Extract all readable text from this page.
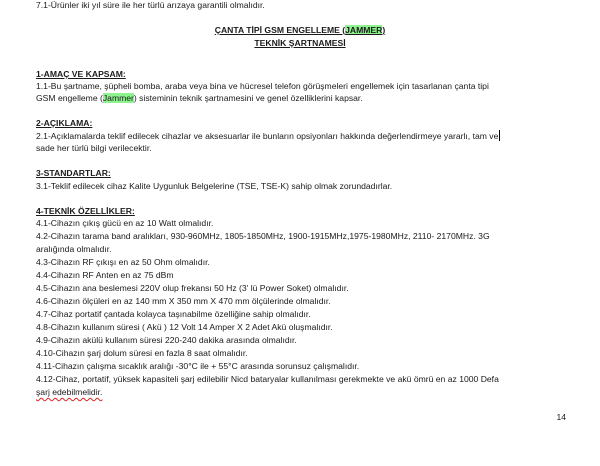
7.1-Ürünler iki yıl süre ile her türlü arızaya garantili olmalıdır.
ÇANTA TİPİ GSM ENGELLEME (JAMMER)
TEKNİK ŞARTNAMESİ
1-AMAÇ VE KAPSAM:
1.1-Bu şartname, şüpheli bomba, araba veya bina ve hücresel telefon görüşmeleri engellemek için tasarlanan çanta tipi
GSM engelleme (Jammer) sisteminin teknik şartnamesini ve genel özelliklerini kapsar.
2-AÇIKLAMA:
2.1-Açıklamalarda teklif edilecek cihazlar ve aksesuarlar ile bunların opsiyonları hakkında değerlendirmeye yararlı, tam ve
sade her türlü bilgi verilecektir.
3-STANDARTLAR:
3.1-Teklif edilecek cihaz Kalite Uygunluk Belgelerine (TSE, TSE-K) sahip olmak zorundadırlar.
4-TEKNİK ÖZELLİKLER:
4.1-Cihazın çıkış gücü en az 10 Watt olmalıdır.
4.2-Cihazın tarama band aralıkları, 930-960MHz, 1805-1850MHz, 1900-1915MHz,1975-1980MHz, 2110- 2170MHz. 3G
aralığında olmalıdır.
4.3-Cihazın RF çıkışı en az 50 Ohm olmalıdır.
4.4-Cihazın RF Anten en az 75 dBm
4.5-Cihazın ana beslemesi 220V olup frekansı 50 Hz (3' lü Power Soket) olmalıdır.
4.6-Cihazın ölçüleri en az 140 mm X 350 mm X 470 mm ölçülerinde olmalıdır.
4.7-Cihaz portatif çantada kolayca taşınabilme özelliğine sahip olmalıdır.
4.8-Cihazın kullanım süresi ( Akü ) 12 Volt 14 Amper X 2 Adet Akü oluşmalıdır.
4.9-Cihazın akülü kullanım süresi 220-240 dakika arasında olmalıdır.
4.10-Cihazın şarj dolum süresi en fazla 8 saat olmalıdır.
4.11-Cihazın çalışma sıcaklık aralığı -30°C ile + 55°C arasında sorunsuz çalışmalıdır.
4.12-Cihaz, portatif, yüksek kapasiteli şarj edilebilir Nicd bataryalar kullanılması gerekmekte ve akü ömrü en az 1000 Defa
şarj edebilmelidir.
14
